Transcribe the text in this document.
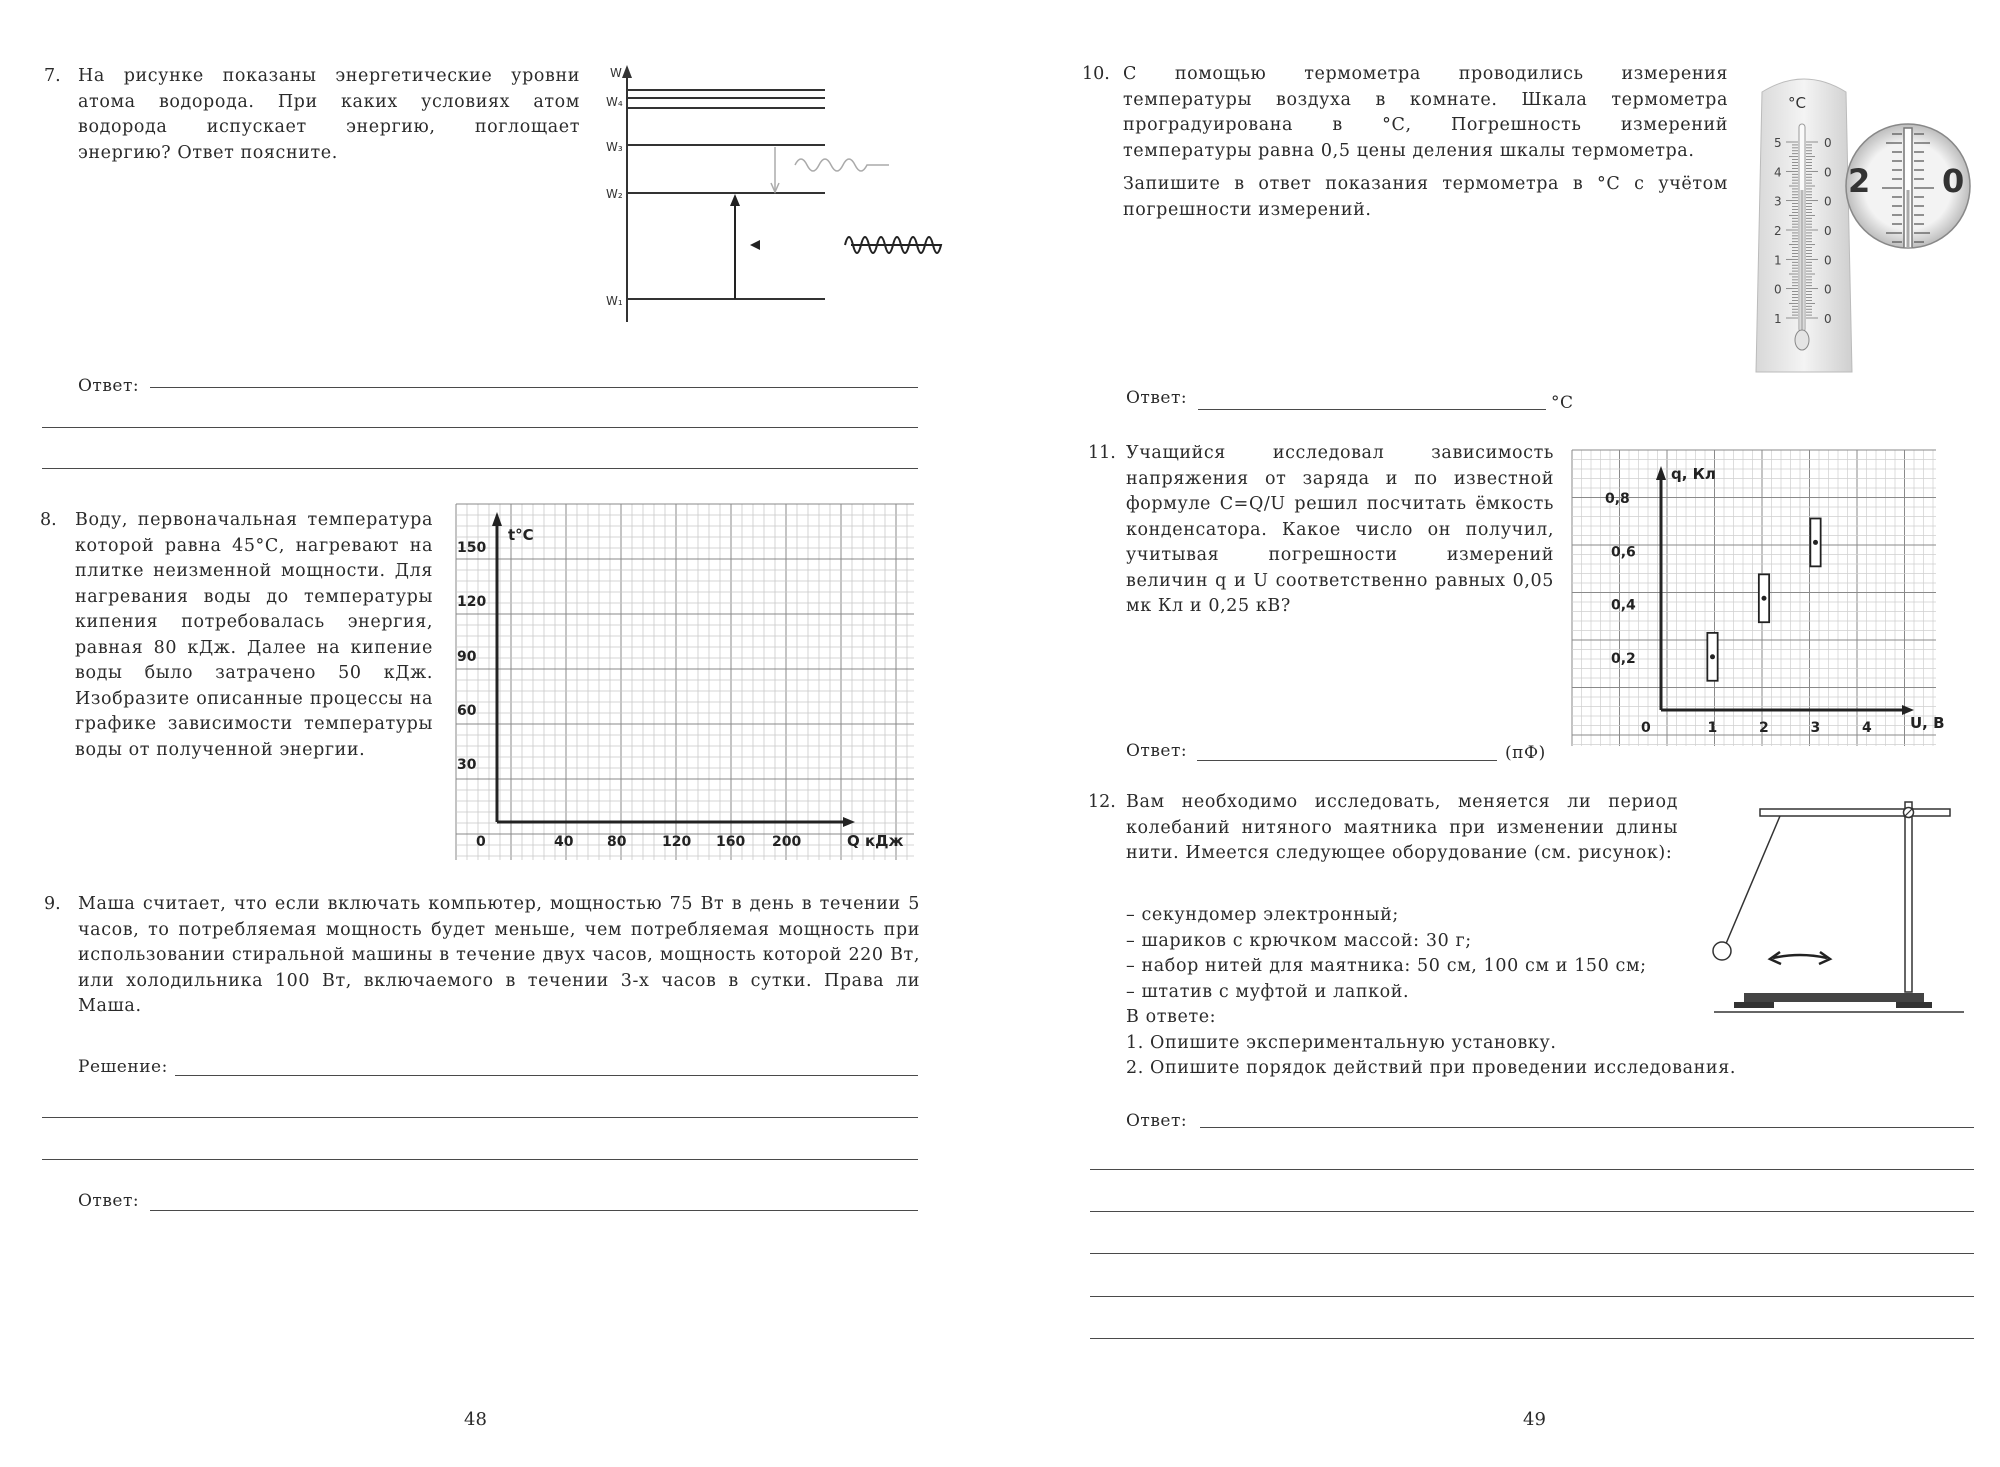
7. На рисунке показаны энергетические уровни атома водорода. При каких условиях атом водорода испускает энергию, поглощает энергию? Ответ поясните.
W
W₄
W₃
W₂
W₁
Ответ:
8. Воду, первоначальная температура которой равна 45°С, нагревают на плитке неизменной мощности. Для нагревания воды до температуры кипения потребовалась энергия, равная 80 кДж. Далее на кипение воды было затрачено 50 кДж. Изобразите описанные процессы на графике зависимости температуры воды от полученной энергии.
t°C
Q кДж
150
120
90
60
30
0	40 80	120 160 200
9. Маша считает, что если включать компьютер, мощностью 75 Вт в день в течении 5 часов, то потребляемая мощность будет меньше, чем потребляемая мощность при использовании стиральной машины в течение двух часов, мощность которой 220 Вт, или холодильника 100 Вт, включаемого в течении 3-х часов в сутки. Права ли Маша.
Решение:
Ответ:
48
10. С помощью термометра проводились измерения температуры воздуха в комнате. Шкала термометра проградуирована в °С, Погрешность измерений температуры равна 0,5 цены деления шкалы термометра.
Запишите в ответ показания термометра в °С с учётом погрешности измерений.
°С
5	0
4	0
3	0
2	0
1	0
0	0
1	0
2 0
Ответ:	°С
11. Учащийся исследовал зависимость напряжения от заряда и по известной формуле С=Q/U решил посчитать ёмкость конденсатора. Какое число он получил, учитывая погрешности измерений величин q и U соответственно равных 0,05 мк Кл и 0,25 кВ?
q, Кл
U, В
0,2
0,4
0,6
0,8
0	1	2	3	4
Ответ:	(пФ)
12. Вам необходимо исследовать, меняется ли период колебаний нитяного маятника при изменении длины нити. Имеется следующее оборудование (см. рисунок):
– секундомер электронный;
– шариков с крючком массой: 30 г;
– набор нитей для маятника: 50 см, 100 см и 150 см;
– штатив с муфтой и лапкой.
В ответе:
1. Опишите экспериментальную установку.
2. Опишите порядок действий при проведении исследования.
Ответ:
49
